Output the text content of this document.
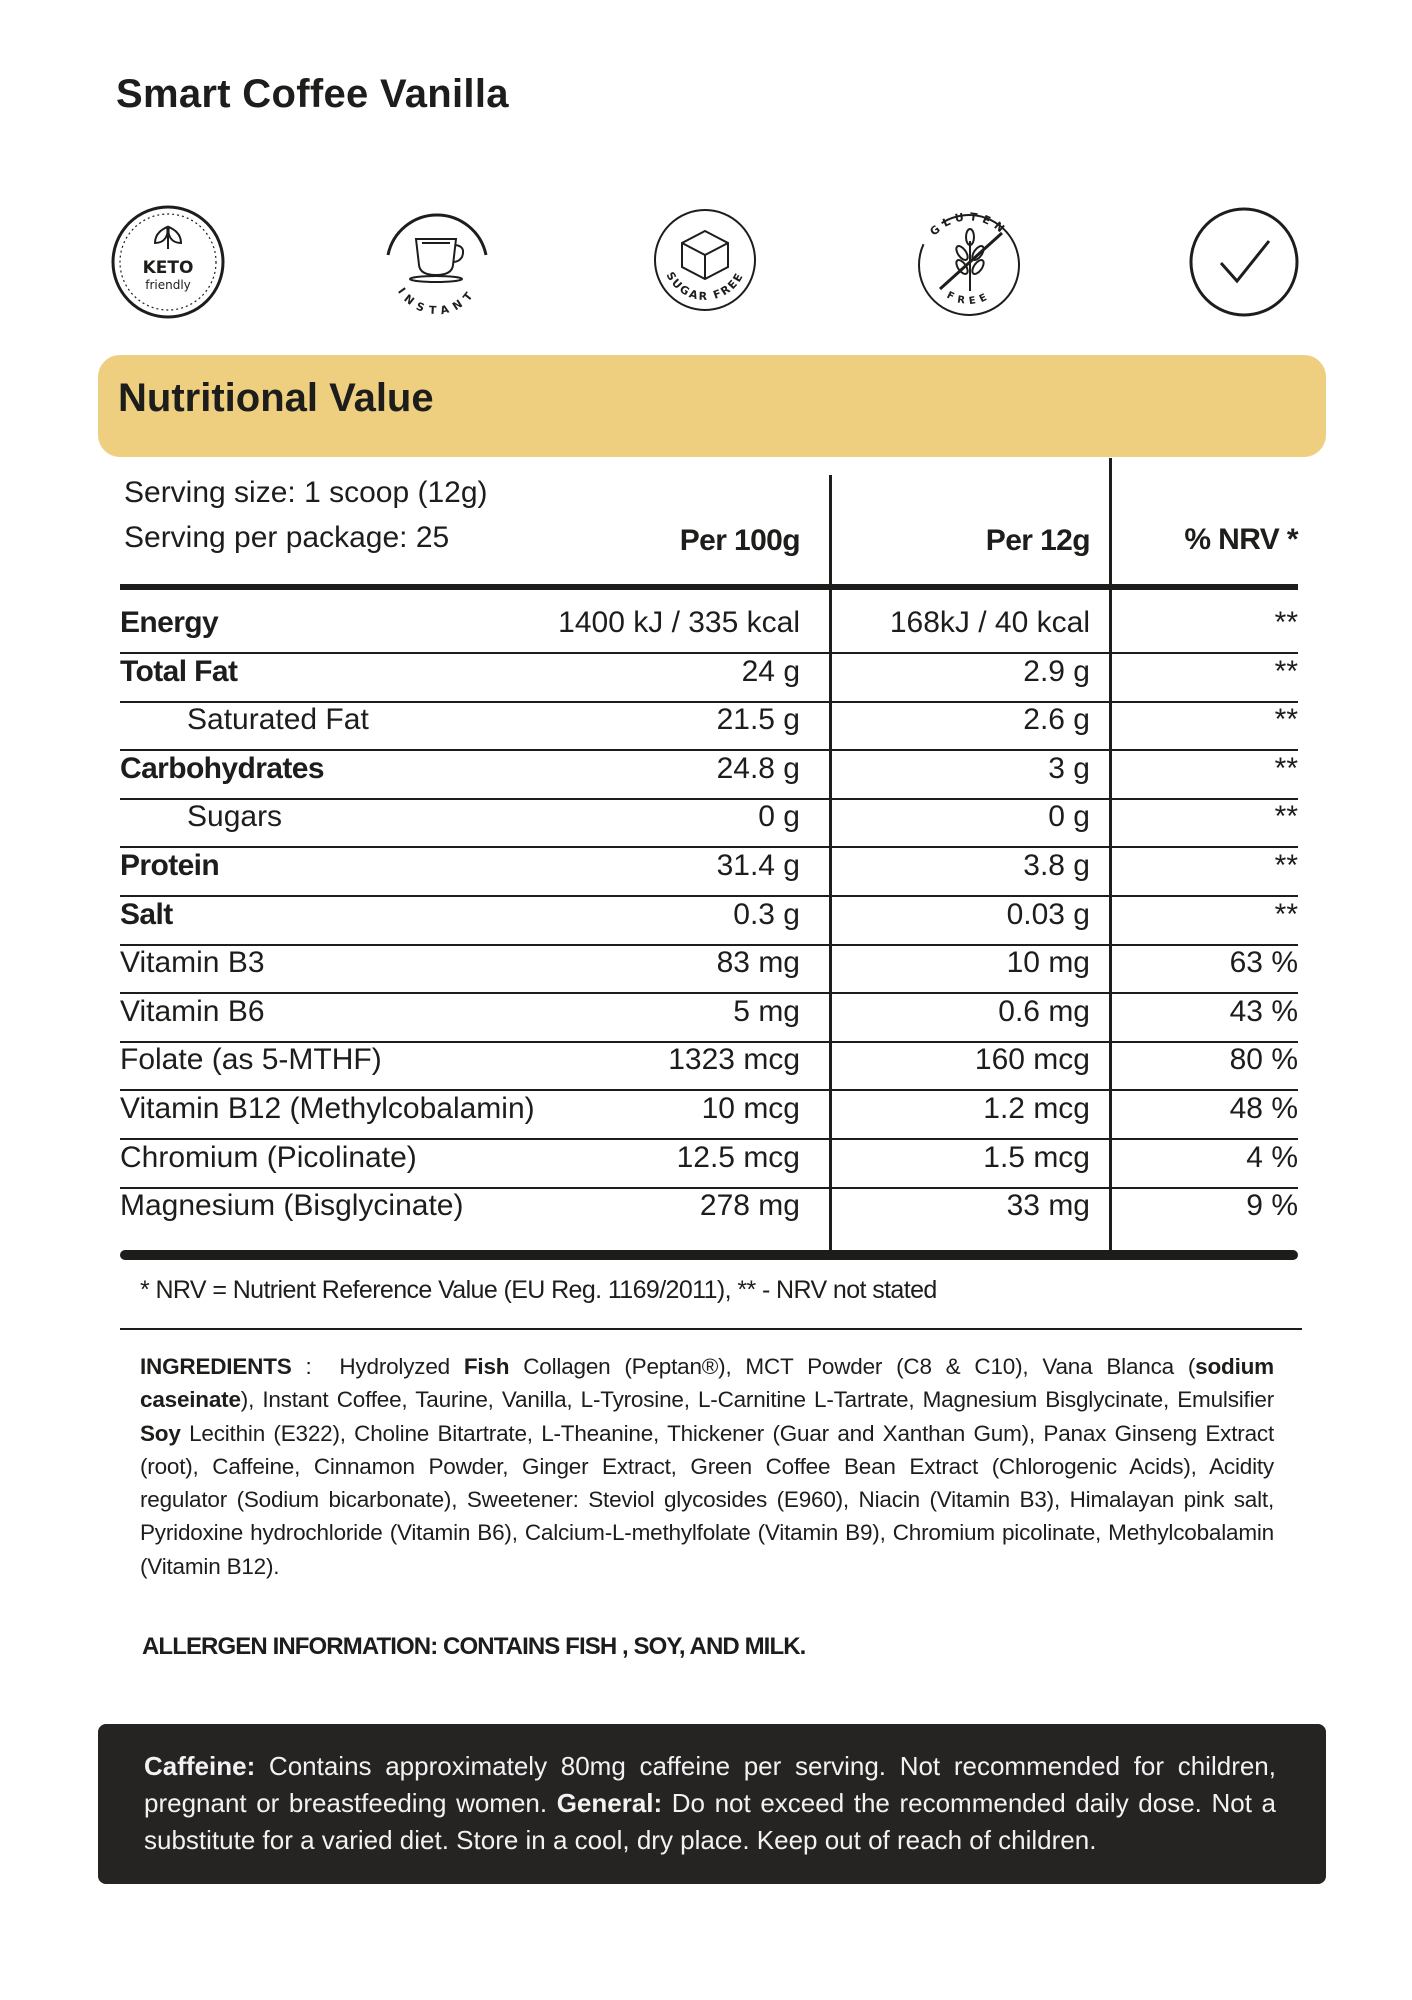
Smart Coffee Vanilla
KETO
friendly
INSTANT
SUGAR FREE
GLUTEN
FREE
Nutritional Value
Serving size: 1 scoop (12g)
Serving per package: 25	Per 100g	Per 12g	% NRV *
Energy	1400 kJ / 335 kcal	168kJ / 40 kcal	**
Total Fat	24 g	2.9 g	**
Saturated Fat	21.5 g	2.6 g	**
Carbohydrates	24.8 g	3 g	**
Sugars	0 g	0 g	**
Protein	31.4 g	3.8 g	**
Salt	0.3 g	0.03 g	**
Vitamin B3	83 mg	10 mg	63 %
Vitamin B6	5 mg	0.6 mg	43 %
Folate (as 5-MTHF)	1323 mcg	160 mcg	80 %
Vitamin B12 (Methylcobalamin)	10 mcg	1.2 mcg	48 %
Chromium (Picolinate)	12.5 mcg	1.5 mcg	4 %
Magnesium (Bisglycinate)	278 mg	33 mg	9 %
* NRV = Nutrient Reference Value (EU Reg. 1169/2011), ** - NRV not stated
INGREDIENTS :  Hydrolyzed Fish Collagen (Peptan®), MCT Powder (C8 & C10), Vana Blanca (sodium caseinate), Instant Coffee, Taurine, Vanilla, L-Tyrosine, L-Carnitine L-Tartrate, Magnesium Bisglycinate, Emulsifier Soy Lecithin (E322), Choline Bitartrate, L-Theanine, Thickener (Guar and Xanthan Gum), Panax Ginseng Extract (root), Caffeine, Cinnamon Powder, Ginger Extract, Green Coffee Bean Extract (Chlorogenic Acids), Acidity regulator (Sodium bicarbonate), Sweetener: Steviol glycosides (E960), Niacin (Vitamin B3), Himalayan pink salt, Pyridoxine hydrochloride (Vitamin B6), Calcium-L-methylfolate (Vitamin B9), Chromium picolinate, Methylcobalamin (Vitamin B12).
ALLERGEN INFORMATION: CONTAINS FISH , SOY, AND MILK.

Caffeine: Contains approximately 80mg caffeine per serving. Not recommended for children, pregnant or breastfeeding women. General: Do not exceed the recommended daily dose. Not a substitute for a varied diet. Store in a cool, dry place. Keep out of reach of children.
